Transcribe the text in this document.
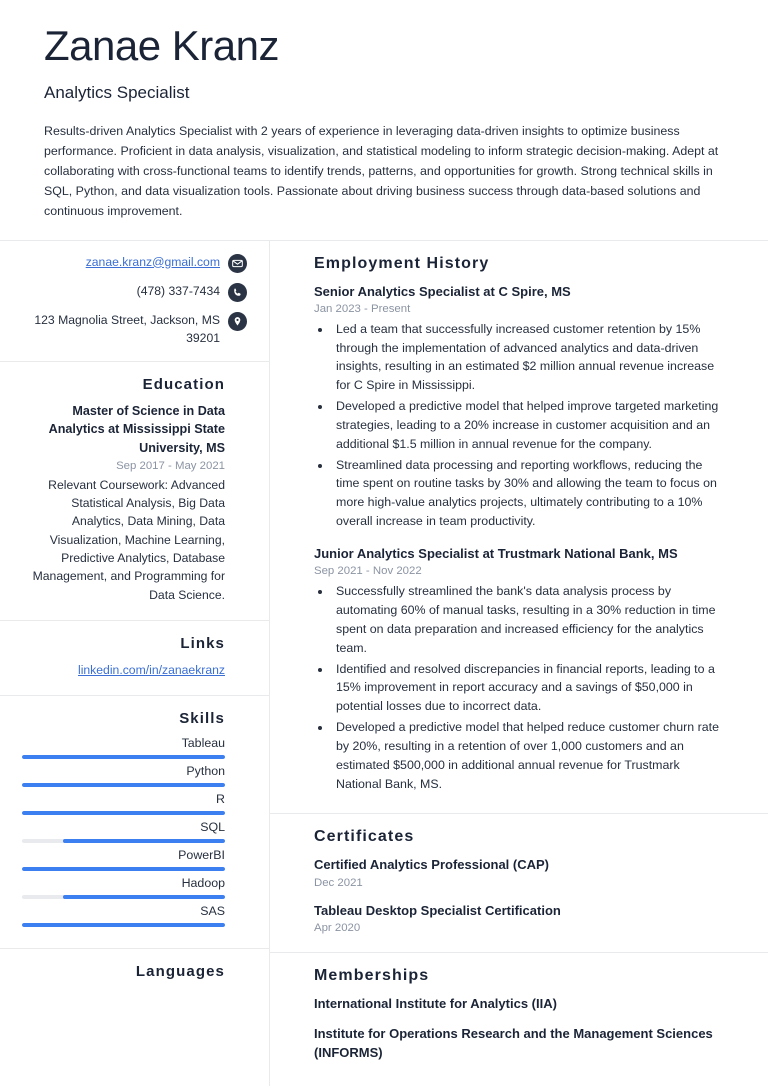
Zanae Kranz
Analytics Specialist
Results-driven Analytics Specialist with 2 years of experience in leveraging data-driven insights to optimize business performance. Proficient in data analysis, visualization, and statistical modeling to inform strategic decision-making. Adept at collaborating with cross-functional teams to identify trends, patterns, and opportunities for growth. Strong technical skills in SQL, Python, and data visualization tools. Passionate about driving business success through data-based solutions and continuous improvement.
zanae.kranz@gmail.com
(478) 337-7434
123 Magnolia Street, Jackson, MS 39201
Education
Master of Science in Data Analytics at Mississippi State University, MS
Sep 2017 - May 2021
Relevant Coursework: Advanced Statistical Analysis, Big Data Analytics, Data Mining, Data Visualization, Machine Learning, Predictive Analytics, Database Management, and Programming for Data Science.
Links
linkedin.com/in/zanaekranz
Skills
Tableau
Python
R
SQL
PowerBI
Hadoop
SAS
Languages
Employment History
Senior Analytics Specialist at C Spire, MS
Jan 2023 - Present
• Led a team that successfully increased customer retention by 15% through the implementation of advanced analytics and data-driven insights, resulting in an estimated $2 million annual revenue increase for C Spire in Mississippi.
• Developed a predictive model that helped improve targeted marketing strategies, leading to a 20% increase in customer acquisition and an additional $1.5 million in annual revenue for the company.
• Streamlined data processing and reporting workflows, reducing the time spent on routine tasks by 30% and allowing the team to focus on more high-value analytics projects, ultimately contributing to a 10% overall increase in team productivity.
Junior Analytics Specialist at Trustmark National Bank, MS
Sep 2021 - Nov 2022
• Successfully streamlined the bank's data analysis process by automating 60% of manual tasks, resulting in a 30% reduction in time spent on data preparation and increased efficiency for the analytics team.
• Identified and resolved discrepancies in financial reports, leading to a 15% improvement in report accuracy and a savings of $50,000 in potential losses due to incorrect data.
• Developed a predictive model that helped reduce customer churn rate by 20%, resulting in a retention of over 1,000 customers and an estimated $500,000 in additional annual revenue for Trustmark National Bank, MS.
Certificates
Certified Analytics Professional (CAP)
Dec 2021
Tableau Desktop Specialist Certification
Apr 2020
Memberships
International Institute for Analytics (IIA)
Institute for Operations Research and the Management Sciences (INFORMS)
